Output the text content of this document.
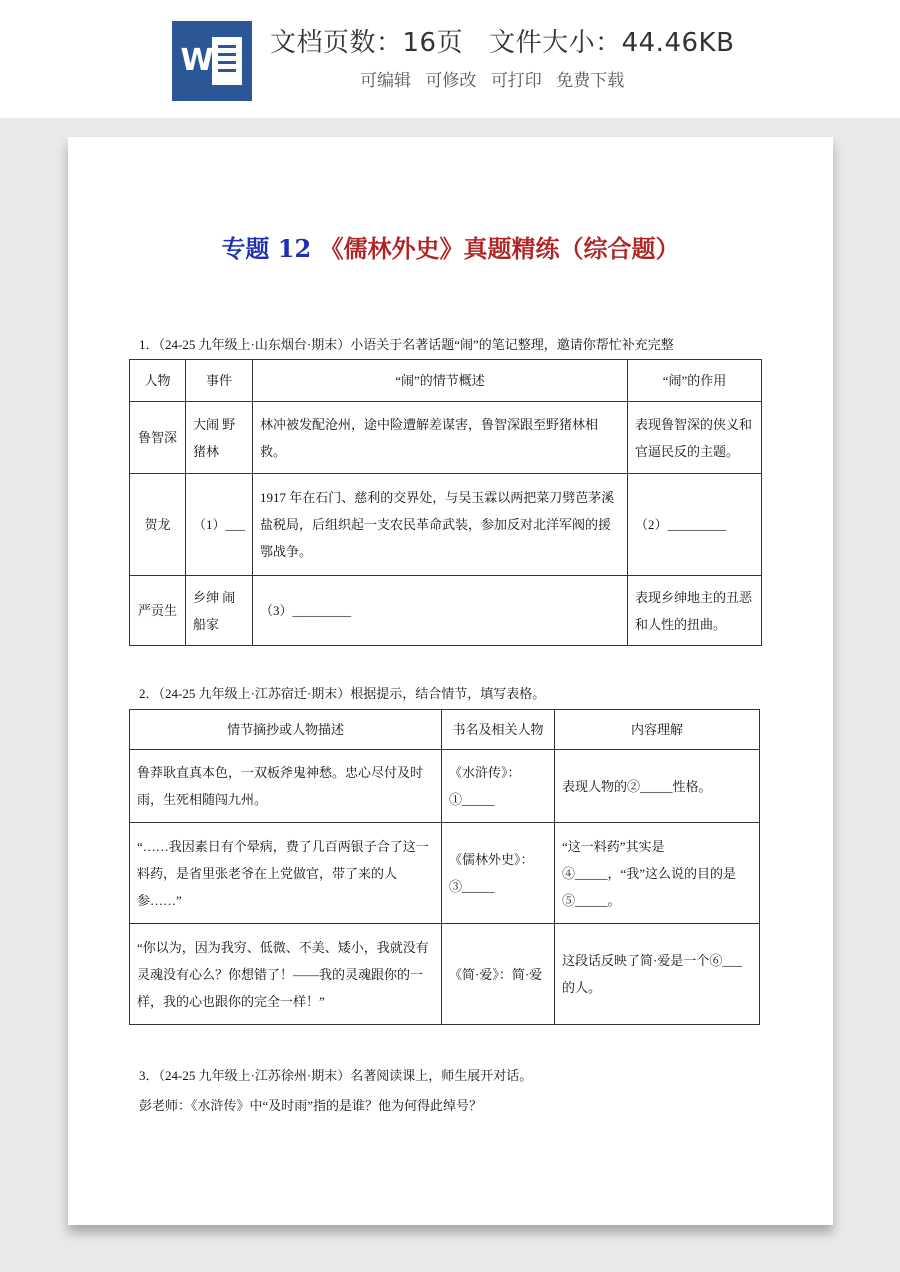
W 文档页数：16页 文件大小：44.46KB
可编辑 可修改 可打印 免费下载
专题 12 《儒林外史》真题精练（综合题）
1．（24-25 九年级上·山东烟台·期末）小语关于名著话题“闹”的笔记整理，邀请你帮忙补充完整
人物	事件	“闹”的情节概述	“闹”的作用
鲁智深	大闹 野猪林	林冲被发配沧州，途中险遭解差谋害，鲁智深跟至野猪林相救。	表现鲁智深的侠义和官逼民反的主题。
贺龙	（1）___	1917 年在石门、慈利的交界处，与吴玉霖以两把菜刀劈芭茅溪盐税局，后组织起一支农民革命武装，参加反对北洋军阀的援鄂战争。	（2）_________
严贡生	乡绅 闹船家	（3）_________	表现乡绅地主的丑恶和人性的扭曲。
2．（24-25 九年级上·江苏宿迁·期末）根据提示，结合情节，填写表格。
情节摘抄或人物描述	书名及相关人物	内容理解
鲁莽耿直真本色，一双板斧鬼神愁。忠心尽付及时雨，生死相随闯九州。	《水浒传》：①_____	表现人物的②_____性格。
“……我因素日有个晕病，费了几百两银子合了这一料药，是省里张老爷在上党做官，带了来的人参……”	《儒林外史》：③_____	“这一料药”其实是④_____，“我”这么说的目的是⑤_____。
“你以为，因为我穷、低微、不美、矮小，我就没有灵魂没有心么？你想错了！——我的灵魂跟你的一样，我的心也跟你的完全一样！”	《简·爱》：简·爱	这段话反映了简·爱是一个⑥___的人。
3．（24-25 九年级上·江苏徐州·期末）名著阅读课上，师生展开对话。
彭老师：《水浒传》中“及时雨”指的是谁？他为何得此绰号？
